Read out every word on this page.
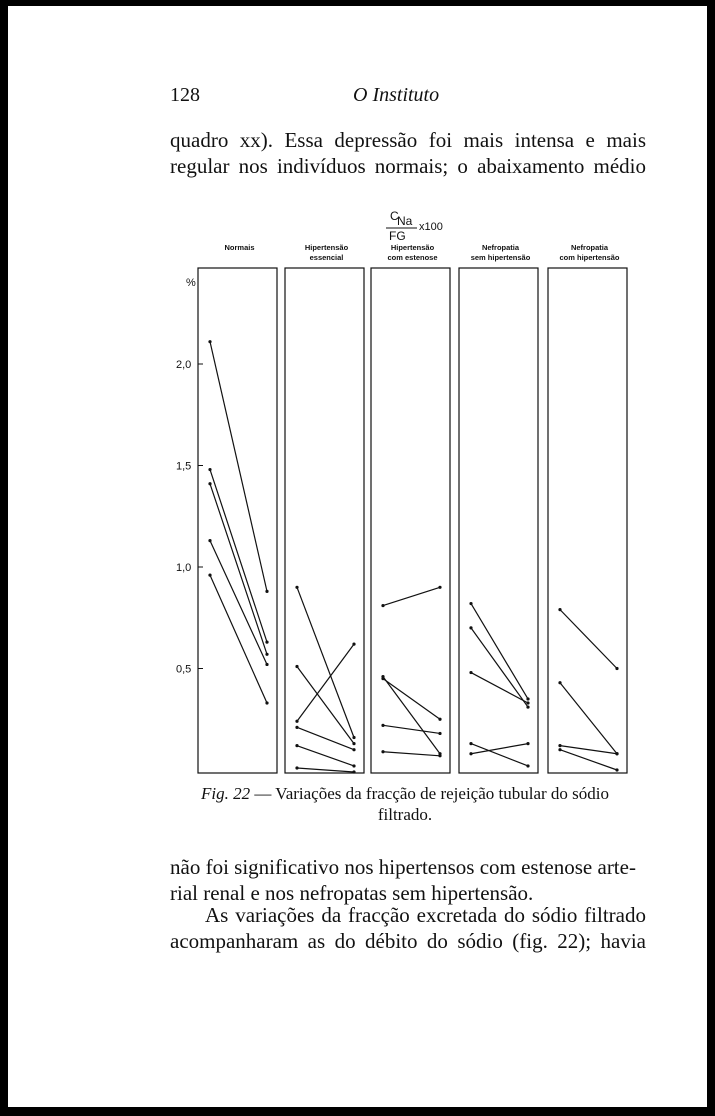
128	O Instituto
quadro xx). Essa depressão foi mais intensa e mais
regular nos indivíduos normais; o abaixamento médio
C
Na
FG
x100
%
2,0
1,5
1,0
0,5
Normais	Hipertensão
essencial
Hipertensão
com estenose
Nefropatia
sem hipertensão
Nefropatia
com hipertensão
Fig. 22 — Variações da fracção de rejeição tubular do sódio
filtrado.
não foi significativo nos hipertensos com estenose arte-
rial renal e nos nefropatas sem hipertensão.
As variações da fracção excretada do sódio filtrado
acompanharam as do débito do sódio (fig. 22); havia
